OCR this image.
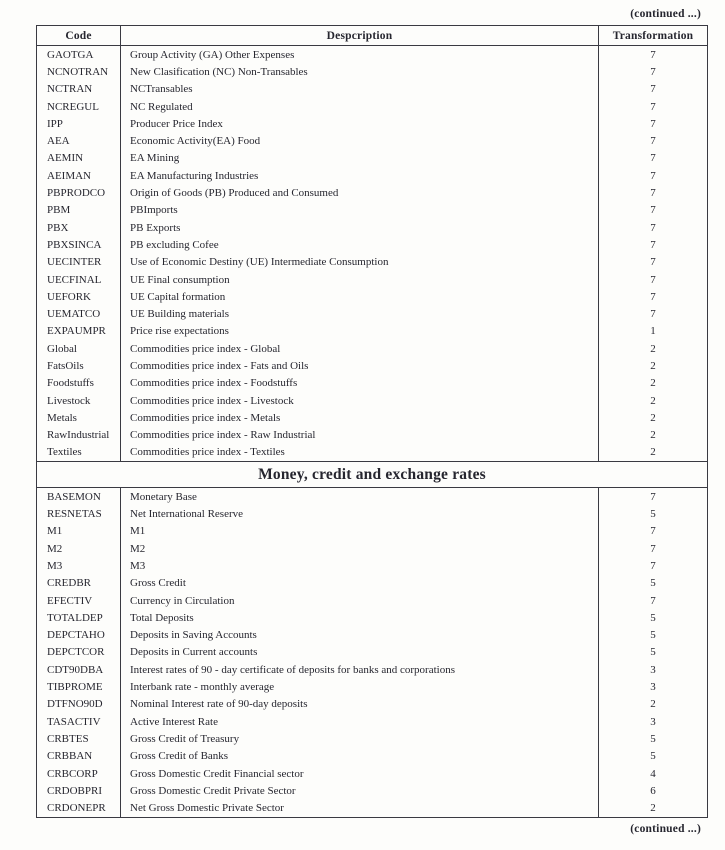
(continued ...)
Code	Despcription	Transformation
GAOTGA	Group Activity (GA) Other Expenses	7
NCNOTRAN	New Clasification (NC) Non-Transables	7
NCTRAN	NCTransables	7
NCREGUL	NC Regulated	7
IPP	Producer Price Index	7
AEA	Economic Activity(EA) Food	7
AEMIN	EA Mining	7
AEIMAN	EA Manufacturing Industries	7
PBPRODCO	Origin of Goods (PB) Produced and Consumed	7
PBM	PBImports	7
PBX	PB Exports	7
PBXSINCA	PB excluding Cofee	7
UECINTER	Use of Economic Destiny (UE) Intermediate Consumption	7
UECFINAL	UE Final consumption	7
UEFORK	UE Capital formation	7
UEMATCO	UE Building materials	7
EXPAUMPR	Price rise expectations	1
Global	Commodities price index - Global	2
FatsOils	Commodities price index - Fats and Oils	2
Foodstuffs	Commodities price index - Foodstuffs	2
Livestock	Commodities price index - Livestock	2
Metals	Commodities price index - Metals	2
RawIndustrial	Commodities price index - Raw Industrial	2
Textiles	Commodities price index - Textiles	2
Money, credit and exchange rates		
BASEMON	Monetary Base	7
RESNETAS	Net International Reserve	5
M1	M1	7
M2	M2	7
M3	M3	7
CREDBR	Gross Credit	5
EFECTIV	Currency in Circulation	7
TOTALDEP	Total Deposits	5
DEPCTAHO	Deposits in Saving Accounts	5
DEPCTCOR	Deposits in Current accounts	5
CDT90DBA	Interest rates of 90 - day certificate of deposits for banks and corporations	3
TIBPROME	Interbank rate - monthly average	3
DTFNO90D	Nominal Interest rate of 90-day deposits	2
TASACTIV	Active Interest Rate	3
CRBTES	Gross Credit of Treasury	5
CRBBAN	Gross Credit of Banks	5
CRBCORP	Gross Domestic Credit Financial sector	4
CRDOBPRI	Gross Domestic Credit Private Sector	6
CRDONEPR	Net Gross Domestic Private Sector	2
(continued ...)
